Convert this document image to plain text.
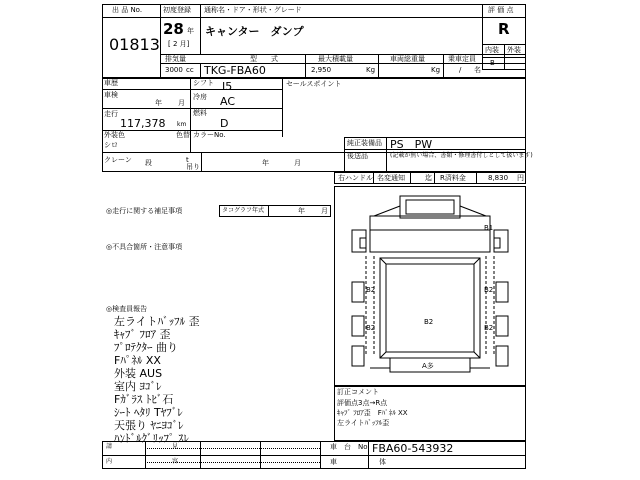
出 品 No.
01813
初度登録
28 年
[ 2 月]
通称名・ドア・形状・グレード
キャンター　ダンプ
排気量	型　　式	最大積載量	車両総重量	乗車定員
3000 cc TKG-FBA60	2,950	Kg	Kg	/ 名
評 価 点
R
内装 外装
B
車歴	シフト I5
車検
年 月
冷房 AC
走行
117,378 km
燃料
D
外装色
シロ
色替 カラーNo.
クレーン 段	t
吊り	年	月
セールスポイント
純正装備品 PS　PW
後送品	(記載が無い場合、書類・修理書付しとして扱います)
右ハンドル 名変通知	迄 R済料金	8,830 円
◎走行に関する補足事項	タコグラフ年式	年 月
◎不具合箇所・注意事項
◎検査員報告
左ライトﾊﾞｯﾌﾙ 歪
ｷｬﾌﾞ ﾌﾛｱ 歪
ﾌﾟﾛﾃｸﾀｰ 曲り
Fﾊﾟﾈﾙ XX
外装 AUS
室内 ﾖｺﾞﾚ
Fｶﾞﾗｽ ﾄﾋﾞ石
ｼｰﾄ ﾍﾀﾘ Tﾔﾌﾞﾚ
天張り ﾔﾆﾖｺﾞﾚ
ﾊﾝﾄﾞﾙｸﾞﾘｯﾌﾟ ｽﾚ
B1
B2	B2
B2
B2
B2
A多
訂正コメント
評価点3点→R点
ｷｬﾌﾞ ﾌﾛｱ歪　Fﾊﾟﾈﾙ XX
左ライトﾊﾞｯﾌﾙ歪
請　　　　　　　　　　見
内　　　　　　　　　　容
車　台　No. FBA60-543932
車　　　　　　体
